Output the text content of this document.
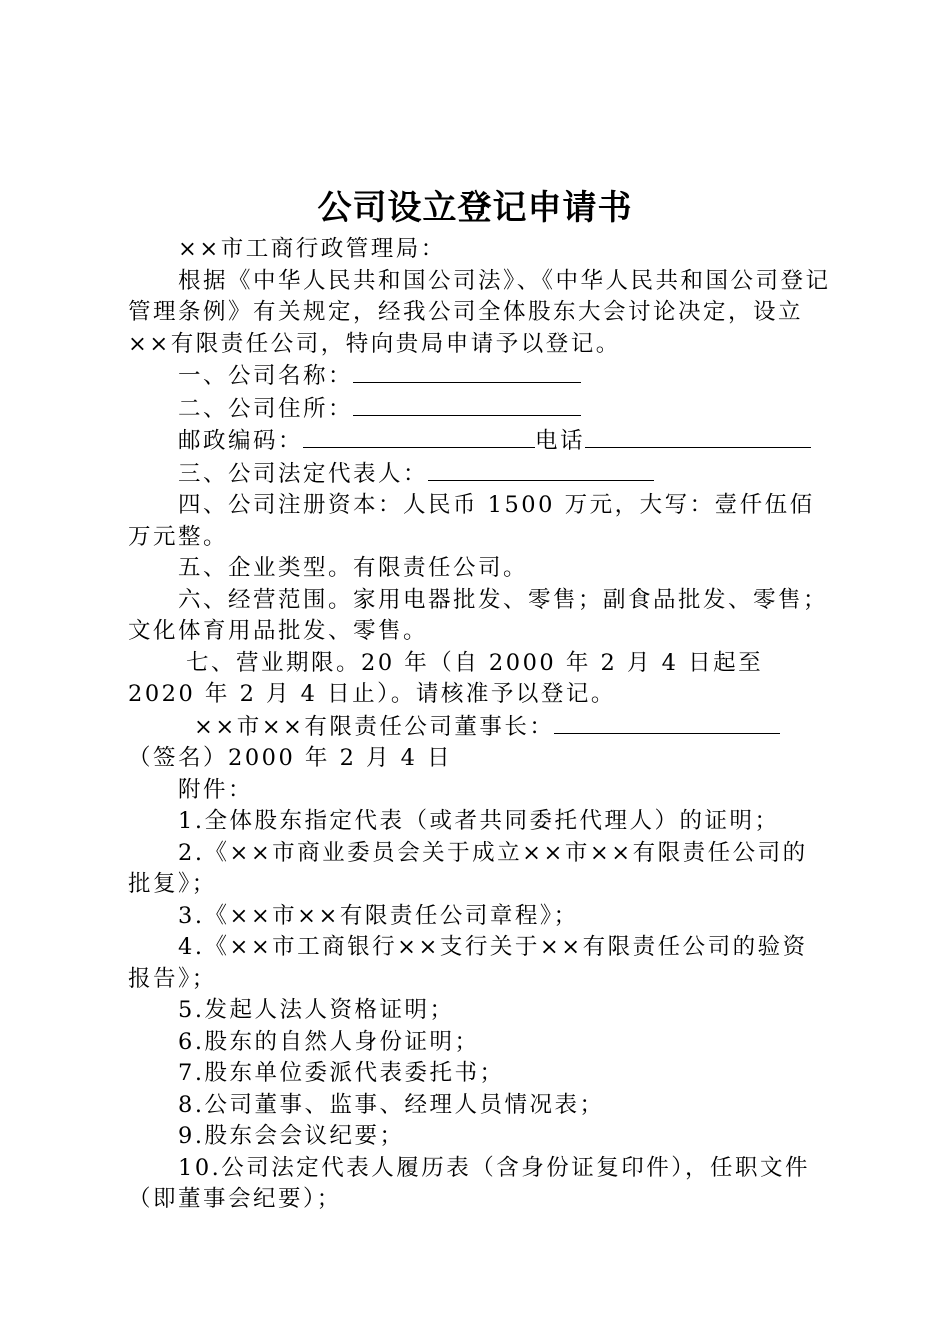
公司设立登记申请书

××市工商行政管理局：

根据《中华人民共和国公司法》、《中华人民共和国公司登记管理条例》有关规定，经我公司全体股东大会讨论决定，设立××有限责任公司，特向贵局申请予以登记。

一、公司名称：

二、公司住所：

邮政编码：	电话

三、公司法定代表人：

四、公司注册资本：人民币 1500 万元，大写：壹仟伍佰万元整。

五、企业类型。有限责任公司。

六、经营范围。家用电器批发、零售；副食品批发、零售；文化体育用品批发、零售。

七、营业期限。20 年（自 2000 年 2 月 4 日起至 2020 年 2 月 4 日止）。请核准予以登记。

××市××有限责任公司董事长：

（签名）2000 年 2 月 4 日

附件：

1.全体股东指定代表（或者共同委托代理人）的证明；

2.《××市商业委员会关于成立××市××有限责任公司的批复》；

3.《××市××有限责任公司章程》；

4.《××市工商银行××支行关于××有限责任公司的验资报告》；

5.发起人法人资格证明；

6.股东的自然人身份证明；

7.股东单位委派代表委托书；

8.公司董事、监事、经理人员情况表；

9.股东会会议纪要；

10.公司法定代表人履历表（含身份证复印件），任职文件（即董事会纪要）；
